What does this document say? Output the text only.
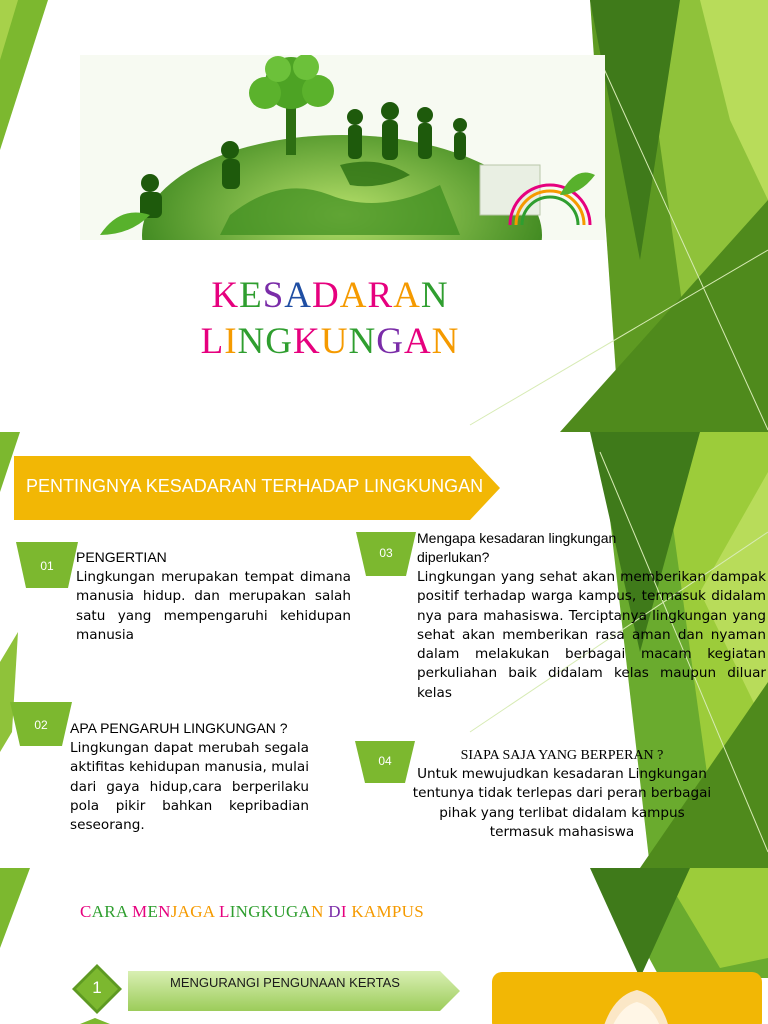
KESADARAN
LINGKUNGAN
PENTINGNYA KESADARAN TERHADAP LINGKUNGAN
01
PENGERTIAN
Lingkungan merupakan tempat dimana manusia hidup. dan merupakan salah satu yang mempengaruhi kehidupan manusia
02	APA PENGARUH LINGKUNGAN ?
Lingkungan dapat merubah segala aktifitas kehidupan manusia, mulai dari gaya hidup,cara berperilaku pola pikir bahkan kepribadian seseorang.
03
Mengapa kesadaran lingkungan diperlukan?
Lingkungan yang sehat akan memberikan dampak positif terhadap warga kampus, termasuk didalam nya para mahasiswa. Terciptanya lingkungan yang sehat akan memberikan rasa aman dan nyaman dalam melakukan berbagai macam kegiatan perkuliahan baik didalam kelas maupun diluar kelas
04	SIAPA SAJA YANG BERPERAN ?
Untuk mewujudkan kesadaran Lingkungan tentunya tidak terlepas dari peran berbagai pihak yang terlibat didalam kampus termasuk mahasiswa
CARA MENJAGA LINGKUGAN DI KAMPUS
1	MENGURANGI PENGUNAAN KERTAS
